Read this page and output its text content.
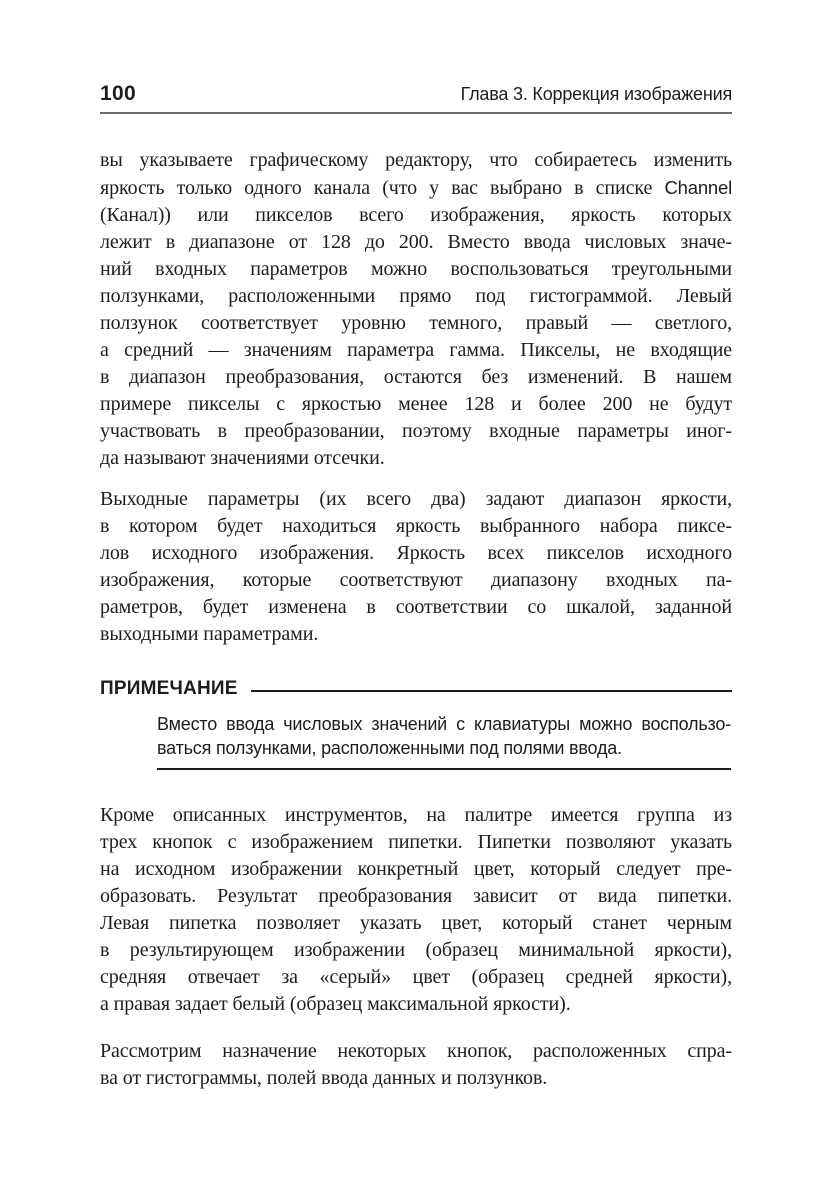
100	Глава 3. Коррекция изображения
вы указываете графическому редактору, что собираетесь изменить
яркость только одного канала (что у вас выбрано в списке Channel
(Канал)) или пикселов всего изображения, яркость которых
лежит в диапазоне от 128 до 200. Вместо ввода числовых значе-
ний входных параметров можно воспользоваться треугольными
ползунками, расположенными прямо под гистограммой. Левый
ползунок соответствует уровню темного, правый — светлого,
а средний — значениям параметра гамма. Пикселы, не входящие
в диапазон преобразования, остаются без изменений. В нашем
примере пикселы с яркостью менее 128 и более 200 не будут
участвовать в преобразовании, поэтому входные параметры иног-
да называют значениями отсечки.
Выходные параметры (их всего два) задают диапазон яркости,
в котором будет находиться яркость выбранного набора пиксе-
лов исходного изображения. Яркость всех пикселов исходного
изображения, которые соответствуют диапазону входных па-
раметров, будет изменена в соответствии со шкалой, заданной
выходными параметрами.
ПРИМЕЧАНИЕ
Вместо ввода числовых значений с клавиатуры можно воспользо-
ваться ползунками, расположенными под полями ввода.
Кроме описанных инструментов, на палитре имеется группа из
трех кнопок с изображением пипетки. Пипетки позволяют указать
на исходном изображении конкретный цвет, который следует пре-
образовать. Результат преобразования зависит от вида пипетки.
Левая пипетка позволяет указать цвет, который станет черным
в результирующем изображении (образец минимальной яркости),
средняя отвечает за «серый» цвет (образец средней яркости),
а правая задает белый (образец максимальной яркости).
Рассмотрим назначение некоторых кнопок, расположенных спра-
ва от гистограммы, полей ввода данных и ползунков.
